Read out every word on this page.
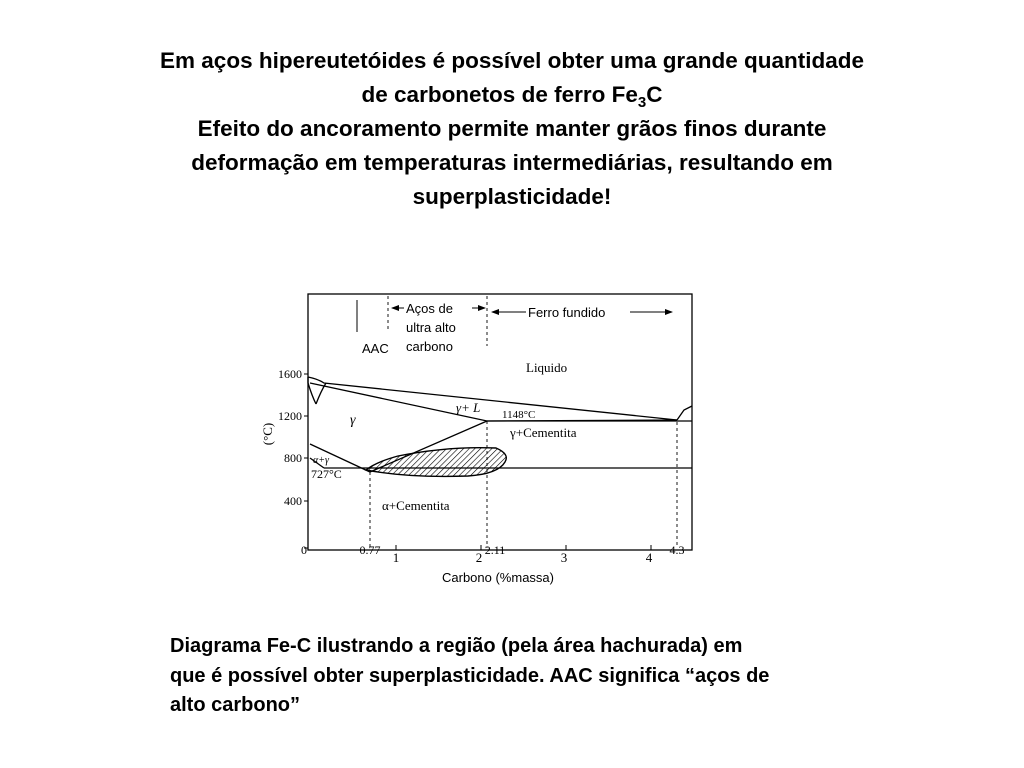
Em aços hipereutetóides é possível obter uma grande quantidade
de carbonetos de ferro $Fe_3C$
Efeito do ancoramento permite manter grãos finos durante
deformação em temperaturas intermediárias, resultando em
superplasticidade!
1600
1200
800
400
0
(°C)
1	2	3	4
0.77	2.11	4.3
Carbono (%massa)
AAC
Aços de
ultra alto
carbono
Ferro fundido
Liquido
γ
γ+ L 1148°C
γ+Cementita
α+γ
727°C
α+Cementita
Diagrama Fe-C ilustrando a região (pela área hachurada) em que é possível obter superplasticidade. AAC significa “aços de alto carbono”
